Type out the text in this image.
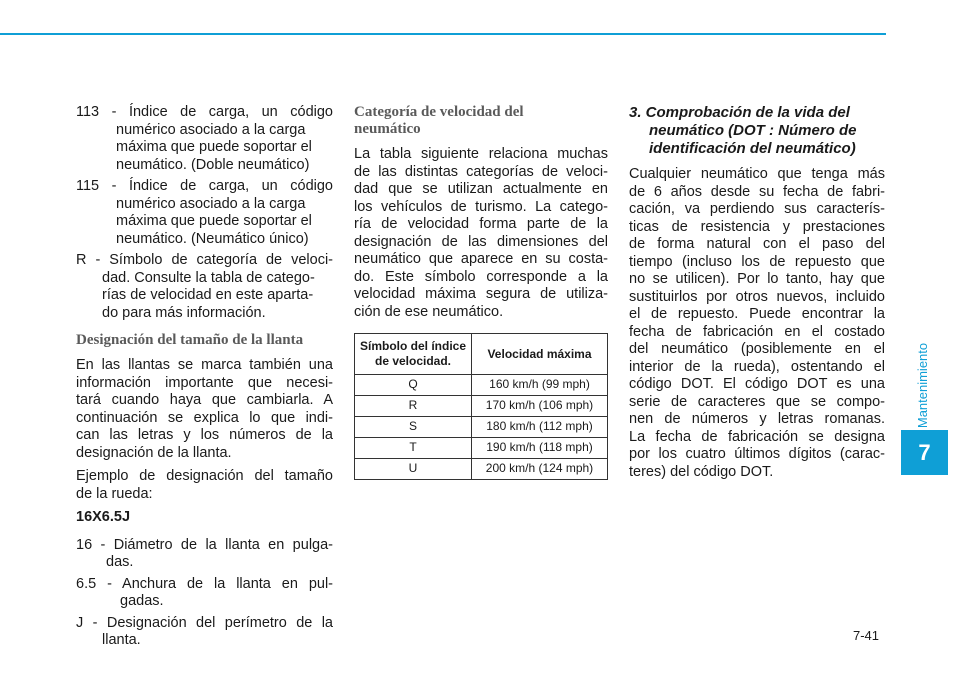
Mantenimiento
7
7-41
113 - Índice de carga, un código
numérico asociado a la carga
máxima que puede soportar el
neumático. (Doble neumático)
115 - Índice de carga, un código
numérico asociado a la carga
máxima que puede soportar el
neumático. (Neumático único)
R - Símbolo de categoría de veloci-
dad. Consulte la tabla de catego-
rías de velocidad en este aparta-
do para más información.
Designación del tamaño de la llanta
En las llantas se marca también una
información importante que necesi-
tará cuando haya que cambiarla. A
continuación se explica lo que indi-
can las letras y los números de la
designación de la llanta.
Ejemplo de designación del tamaño
de la rueda:
16X6.5J
16 - Diámetro de la llanta en pulga-
das.
6.5 - Anchura de la llanta en pul-
gadas.
J - Designación del perímetro de la
llanta.
Categoría de velocidad del
neumático
La tabla siguiente relaciona muchas
de las distintas categorías de veloci-
dad que se utilizan actualmente en
los vehículos de turismo. La catego-
ría de velocidad forma parte de la
designación de las dimensiones del
neumático que aparece en su costa-
do. Este símbolo corresponde a la
velocidad máxima segura de utiliza-
ción de ese neumático.
Símbolo del índice
de velocidad.	Velocidad máxima
Q	160 km/h (99 mph)
R	170 km/h (106 mph)
S	180 km/h (112 mph)
T	190 km/h (118 mph)
U	200 km/h (124 mph)
3. Comprobación de la vida del
neumático (DOT : Número de
identificación del neumático)
Cualquier neumático que tenga más
de 6 años desde su fecha de fabri-
cación, va perdiendo sus caracterís-
ticas de resistencia y prestaciones
de forma natural con el paso del
tiempo (incluso los de repuesto que
no se utilicen). Por lo tanto, hay que
sustituirlos por otros nuevos, incluido
el de repuesto. Puede encontrar la
fecha de fabricación en el costado
del neumático (posiblemente en el
interior de la rueda), ostentando el
código DOT. El código DOT es una
serie de caracteres que se compo-
nen de números y letras romanas.
La fecha de fabricación se designa
por los cuatro últimos dígitos (carac-
teres) del código DOT.
